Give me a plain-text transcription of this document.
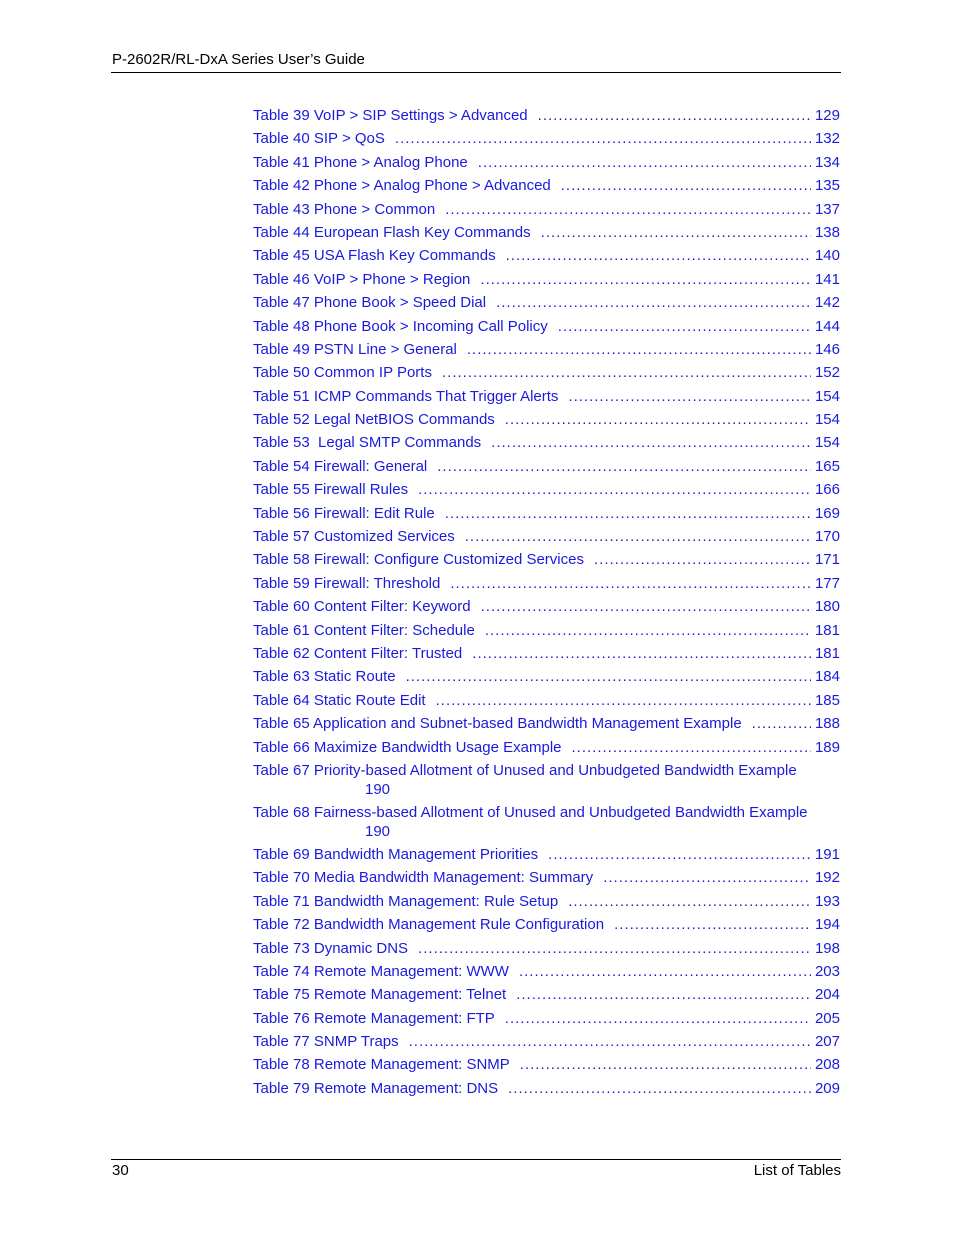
P-2602R/RL-DxA Series User’s Guide
Table 39 VoIP > SIP Settings > Advanced .....	129
Table 40 SIP > QoS .....	132
Table 41 Phone > Analog Phone .....	134
Table 42 Phone > Analog Phone > Advanced .....	135
Table 43 Phone > Common .....	137
Table 44 European Flash Key Commands .....	138
Table 45 USA Flash Key Commands .....	140
Table 46 VoIP > Phone > Region .....	141
Table 47 Phone Book > Speed Dial .....	142
Table 48 Phone Book > Incoming Call Policy .....	144
Table 49 PSTN Line > General .....	146
Table 50 Common IP Ports .....	152
Table 51 ICMP Commands That Trigger Alerts .....	154
Table 52 Legal NetBIOS Commands .....	154
Table 53  Legal SMTP Commands .....	154
Table 54 Firewall: General .....	165
Table 55 Firewall Rules .....	166
Table 56 Firewall: Edit Rule .....	169
Table 57 Customized Services .....	170
Table 58 Firewall: Configure Customized Services .....	171
Table 59 Firewall: Threshold .....	177
Table 60 Content Filter: Keyword .....	180
Table 61 Content Filter: Schedule .....	181
Table 62 Content Filter: Trusted .....	181
Table 63 Static Route .....	184
Table 64 Static Route Edit .....	185
Table 65 Application and Subnet-based Bandwidth Management Example .....	188
Table 66 Maximize Bandwidth Usage Example .....	189
Table 67 Priority-based Allotment of Unused and Unbudgeted Bandwidth Example
190
Table 68 Fairness-based Allotment of Unused and Unbudgeted Bandwidth Example
190
Table 69 Bandwidth Management Priorities .....	191
Table 70 Media Bandwidth Management: Summary .....	192
Table 71 Bandwidth Management: Rule Setup .....	193
Table 72 Bandwidth Management Rule Configuration .....	194
Table 73 Dynamic DNS .....	198
Table 74 Remote Management: WWW .....	203
Table 75 Remote Management: Telnet .....	204
Table 76 Remote Management: FTP .....	205
Table 77 SNMP Traps .....	207
Table 78 Remote Management: SNMP .....	208
Table 79 Remote Management: DNS .....	209
30	List of Tables
